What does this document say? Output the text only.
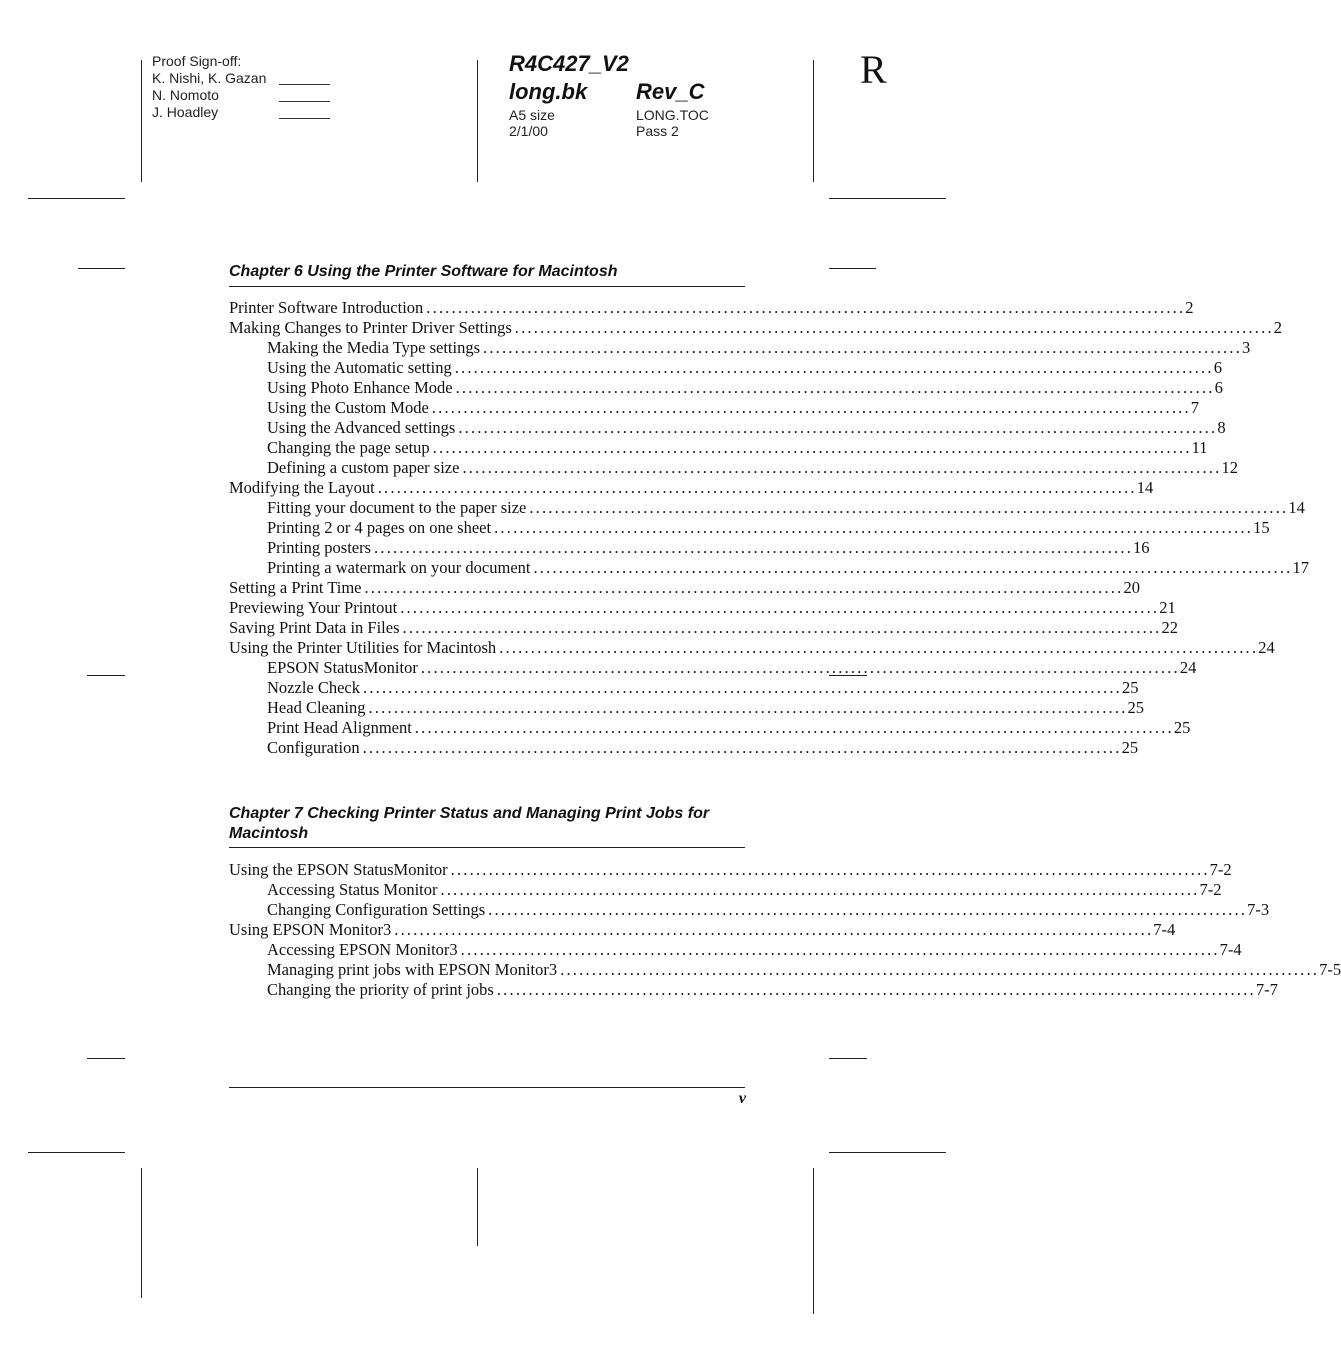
Proof Sign-off:
K. Nishi, K. Gazan
N. Nomoto
J. Hoadley
R4C427_V2
long.bk Rev_C
A5 size
2/1/00
LONG.TOC
Pass 2
R
Chapter 6 Using the Printer Software for Macintosh
Printer Software Introduction ........................................................................................................................ 2
Making Changes to Printer Driver Settings ........................................................................................................................ 2
Making the Media Type settings ........................................................................................................................ 3
Using the Automatic setting ........................................................................................................................ 6
Using Photo Enhance Mode ........................................................................................................................ 6
Using the Custom Mode ........................................................................................................................ 7
Using the Advanced settings ........................................................................................................................ 8
Changing the page setup ........................................................................................................................ 11
Defining a custom paper size ........................................................................................................................ 12
Modifying the Layout ........................................................................................................................ 14
Fitting your document to the paper size ........................................................................................................................ 14
Printing 2 or 4 pages on one sheet ........................................................................................................................ 15
Printing posters ........................................................................................................................ 16
Printing a watermark on your document ........................................................................................................................ 17
Setting a Print Time ........................................................................................................................ 20
Previewing Your Printout ........................................................................................................................ 21
Saving Print Data in Files ........................................................................................................................ 22
Using the Printer Utilities for Macintosh ........................................................................................................................ 24
EPSON StatusMonitor ........................................................................................................................ 24
Nozzle Check ........................................................................................................................ 25
Head Cleaning ........................................................................................................................ 25
Print Head Alignment ........................................................................................................................ 25
Configuration ........................................................................................................................ 25
Chapter 7 Checking Printer Status and Managing Print Jobs for
Macintosh
Using the EPSON StatusMonitor ........................................................................................................................ 7-2
Accessing Status Monitor ........................................................................................................................ 7-2
Changing Configuration Settings ........................................................................................................................ 7-3
Using EPSON Monitor3 ........................................................................................................................ 7-4
Accessing EPSON Monitor3 ........................................................................................................................ 7-4
Managing print jobs with EPSON Monitor3 ........................................................................................................................ 7-5
Changing the priority of print jobs ........................................................................................................................ 7-7
v
